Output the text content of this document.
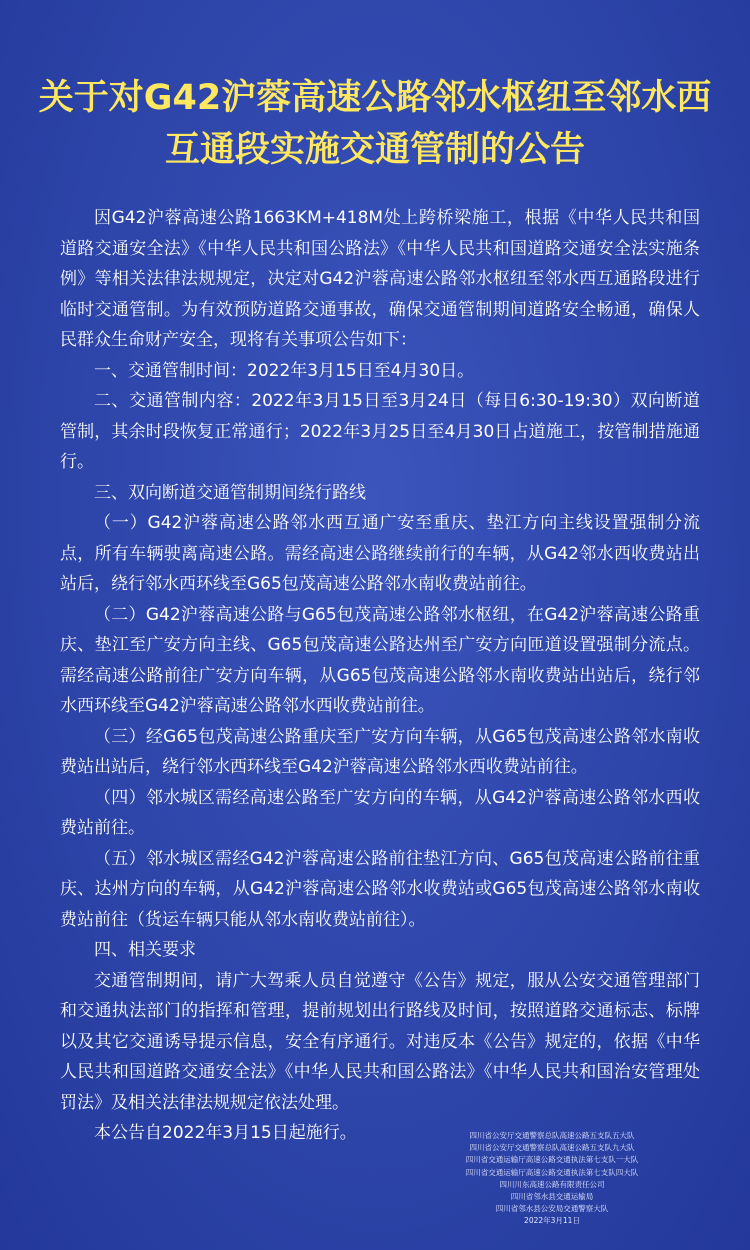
关于对G42沪蓉高速公路邻水枢纽至邻水西
互通段实施交通管制的公告

因G42沪蓉高速公路1663KM+418M处上跨桥梁施工，根据《中华人民共和国道路交通安全法》《中华人民共和国公路法》《中华人民共和国道路交通安全法实施条例》等相关法律法规规定，决定对G42沪蓉高速公路邻水枢纽至邻水西互通路段进行临时交通管制。为有效预防道路交通事故，确保交通管制期间道路安全畅通，确保人民群众生命财产安全，现将有关事项公告如下：

一、交通管制时间：2022年3月15日至4月30日。

二、交通管制内容：2022年3月15日至3月24日（每日6:30-19:30）双向断道管制，其余时段恢复正常通行；2022年3月25日至4月30日占道施工，按管制措施通行。

三、双向断道交通管制期间绕行路线

（一）G42沪蓉高速公路邻水西互通广安至重庆、垫江方向主线设置强制分流点，所有车辆驶离高速公路。需经高速公路继续前行的车辆，从G42邻水西收费站出站后，绕行邻水西环线至G65包茂高速公路邻水南收费站前往。

（二）G42沪蓉高速公路与G65包茂高速公路邻水枢纽，在G42沪蓉高速公路重庆、垫江至广安方向主线、G65包茂高速公路达州至广安方向匝道设置强制分流点。需经高速公路前往广安方向车辆，从G65包茂高速公路邻水南收费站出站后，绕行邻水西环线至G42沪蓉高速公路邻水西收费站前往。

（三）经G65包茂高速公路重庆至广安方向车辆，从G65包茂高速公路邻水南收费站出站后，绕行邻水西环线至G42沪蓉高速公路邻水西收费站前往。

（四）邻水城区需经高速公路至广安方向的车辆，从G42沪蓉高速公路邻水西收费站前往。

（五）邻水城区需经G42沪蓉高速公路前往垫江方向、G65包茂高速公路前往重庆、达州方向的车辆，从G42沪蓉高速公路邻水收费站或G65包茂高速公路邻水南收费站前往（货运车辆只能从邻水南收费站前往）。

四、相关要求

交通管制期间，请广大驾乘人员自觉遵守《公告》规定，服从公安交通管理部门和交通执法部门的指挥和管理，提前规划出行路线及时间，按照道路交通标志、标牌以及其它交通诱导提示信息，安全有序通行。对违反本《公告》规定的，依据《中华人民共和国道路交通安全法》《中华人民共和国公路法》《中华人民共和国治安管理处罚法》及相关法律法规规定依法处理。

本公告自2022年3月15日起施行。	四川省公安厅交通警察总队高速公路五支队五大队
四川省公安厅交通警察总队高速公路五支队九大队
四川省交通运输厅高速公路交通执法第七支队一大队
四川省交通运输厅高速公路交通执法第七支队四大队
四川川东高速公路有限责任公司
四川省邻水县交通运输局
四川省邻水县公安局交通警察大队
2022年3月11日
